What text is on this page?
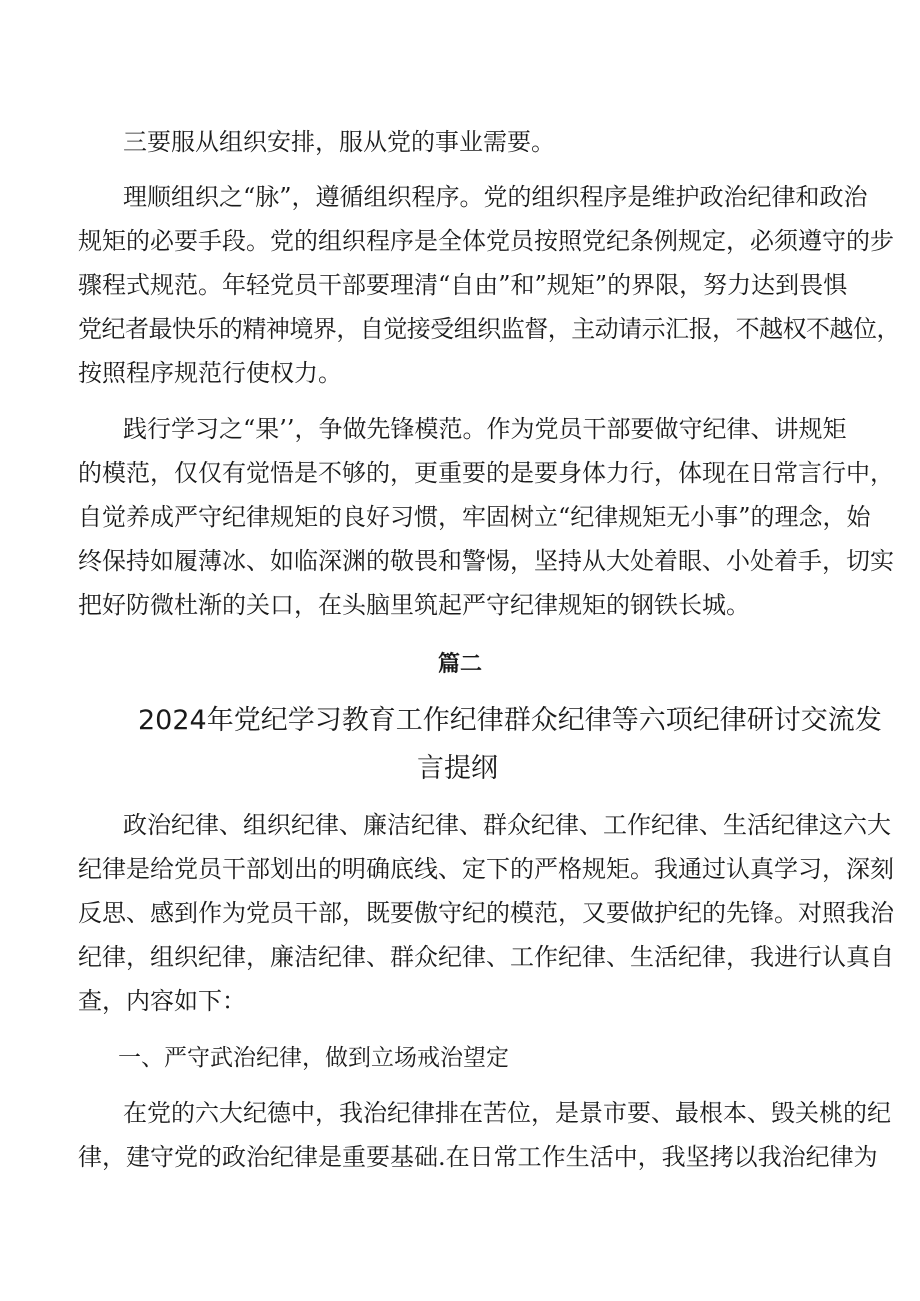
三要服从组织安排，服从党的事业需要。

理顺组织之“脉”，遵循组织程序。党的组织程序是维护政治纪律和政治

规矩的必要手段。党的组织程序是全体党员按照党纪条例规定，必须遵守的步

骤程式规范。年轻党员干部要理清“自由”和”规矩”的界限，努力达到畏惧

党纪者最快乐的精神境界，自觉接受组织监督，主动请示汇报，不越权不越位，

按照程序规范行使权力。

践行学习之“果’’，争做先锋模范。作为党员干部要做守纪律、讲规矩

的模范，仅仅有觉悟是不够的，更重要的是要身体力行，体现在日常言行中，

自觉养成严守纪律规矩的良好习惯，牢固树立“纪律规矩无小事”的理念，始

终保持如履薄冰、如临深渊的敬畏和警惕，坚持从大处着眼、小处着手，切实

把好防微杜渐的关口，在头脑里筑起严守纪律规矩的钢铁长城。

篇二

2024年党纪学习教育工作纪律群众纪律等六项纪律研讨交流发

言提纲

政治纪律、组织纪律、廉洁纪律、群众纪律、工作纪律、生活纪律这六大

纪律是给党员干部划出的明确底线、定下的严格规矩。我通过认真学习，深刻

反思、感到作为党员干部，既要傲守纪的模范，又要做护纪的先锋。对照我治

纪律，组织纪律，廉洁纪律、群众纪律、工作纪律、生活纪律，我进行认真自

查，内容如下：

一、严守武治纪律，做到立场戒治望定

在党的六大纪德中，我治纪律排在苦位，是景市要、最根本、毁关桃的纪

律，建守党的政治纪律是重要基础.在日常工作生活中，我坚拷以我治纪律为
